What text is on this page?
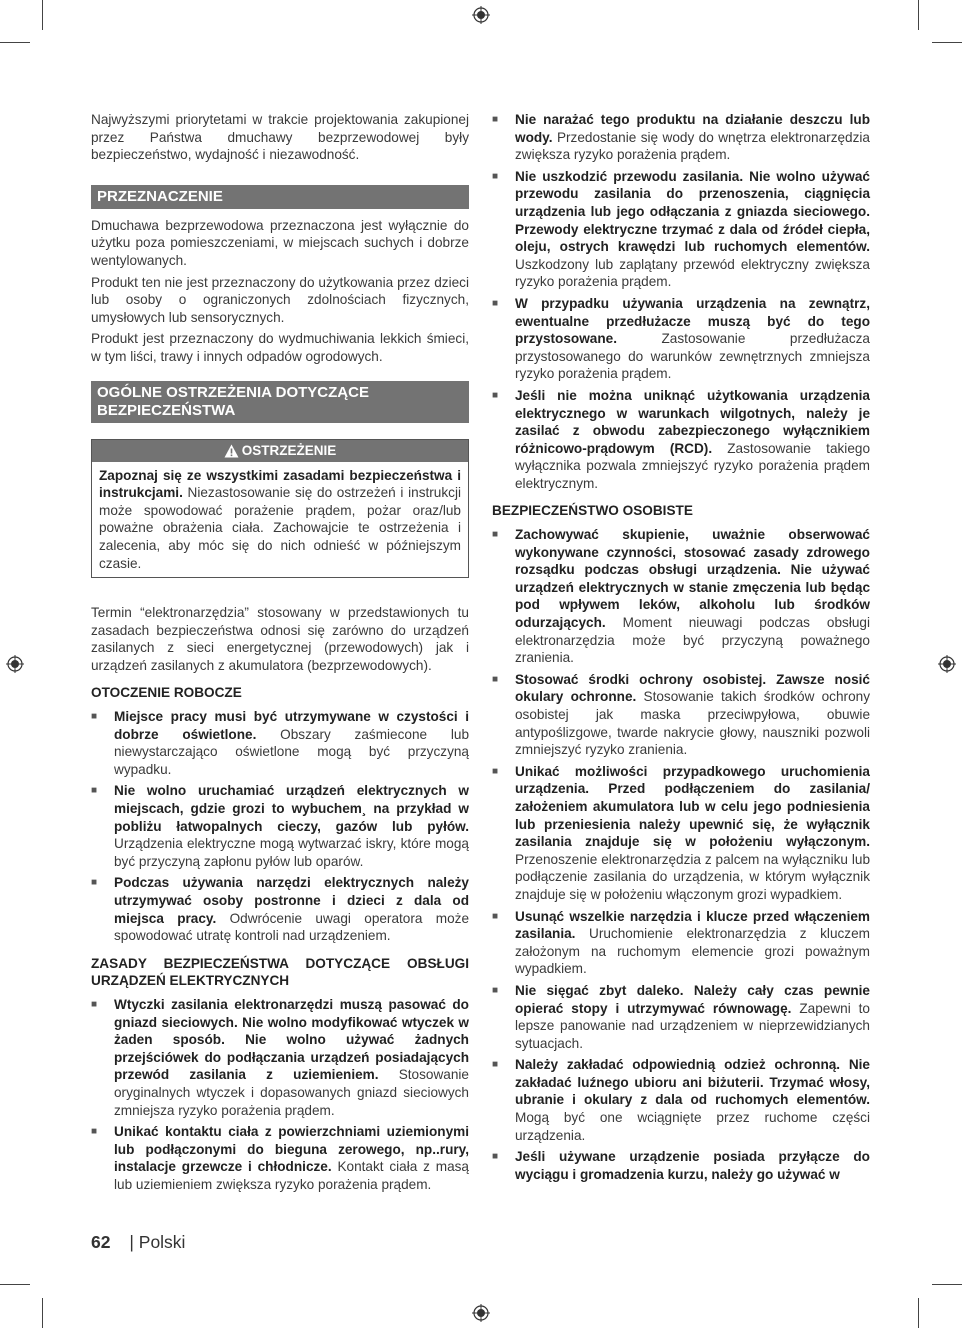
Najwyższymi priorytetami w trakcie projektowania zakupionej przez Państwa dmuchawy bezprzewodowej były bezpieczeństwo, wydajność i niezawodność.

PRZEZNACZENIE

Dmuchawa bezprzewodowa przeznaczona jest wyłącznie do użytku poza pomieszczeniami, w miejscach suchych i dobrze wentylowanych.

Produkt ten nie jest przeznaczony do użytkowania przez dzieci lub osoby o ograniczonych zdolnościach fizycznych, umysłowych lub sensorycznych.

Produkt jest przeznaczony do wydmuchiwania lekkich śmieci, w tym liści, trawy i innych odpadów ogrodowych.

OGÓLNE OSTRZEŻENIA DOTYCZĄCE BEZPIECZEŃSTWA
OSTRZEŻENIE

Zapoznaj się ze wszystkimi zasadami bezpieczeństwa i instrukcjami. Niezastosowanie się do ostrzeżeń i instrukcji może spowodować porażenie prądem, pożar oraz/lub poważne obrażenia ciała. Zachowajcie te ostrzeżenia i zalecenia, aby móc się do nich odnieść w późniejszym czasie.

Termin “elektronarzędzia” stosowany w przedstawionych tu zasadach bezpieczeństwa odnosi się zarówno do urządzeń zasilanych z sieci energetycznej (przewodowych) jak i urządzeń zasilanych z akumulatora (bezprzewodowych).

OTOCZENIE ROBOCZE
■ Miejsce pracy musi być utrzymywane w czystości i dobrze oświetlone. Obszary zaśmiecone lub niewystarczająco oświetlone mogą być przyczyną wypadku.
■ Nie wolno uruchamiać urządzeń elektrycznych w miejscach, gdzie grozi to wybuchem¸ na przykład w pobliżu łatwopalnych cieczy, gazów lub pyłów. Urządzenia elektryczne mogą wytwarzać iskry, które mogą być przyczyną zapłonu pyłów lub oparów.
■ Podczas używania narzędzi elektrycznych należy utrzymywać osoby postronne i dzieci z dala od miejsca pracy. Odwrócenie uwagi operatora może spowodować utratę kontroli nad urządzeniem.
ZASADY BEZPIECZEŃSTWA DOTYCZĄCE OBSŁUGI URZĄDZEŃ ELEKTRYCZNYCH
■ Wtyczki zasilania elektronarzędzi muszą pasować do gniazd sieciowych. Nie wolno modyfikować wtyczek w żaden sposób. Nie wolno używać żadnych przejściówek do podłączania urządzeń posiadających przewód zasilania z uziemieniem. Stosowanie oryginalnych wtyczek i dopasowanych gniazd sieciowych zmniejsza ryzyko porażenia prądem.
■ Unikać kontaktu ciała z powierzchniami uziemionymi lub podłączonymi do bieguna zerowego, np..rury, instalacje grzewcze i chłodnicze. Kontakt ciała z masą lub uziemieniem zwiększa ryzyko porażenia prądem.
■ Nie narażać tego produktu na działanie deszczu lub wody. Przedostanie się wody do wnętrza elektronarzędzia zwiększa ryzyko porażenia prądem.
■ Nie uszkodzić przewodu zasilania. Nie wolno używać przewodu zasilania do przenoszenia, ciągnięcia urządzenia lub jego odłączania z gniazda sieciowego. Przewody elektryczne trzymać z dala od źródeł ciepła, oleju, ostrych krawędzi lub ruchomych elementów. Uszkodzony lub zaplątany przewód elektryczny zwiększa ryzyko porażenia prądem.
■ W przypadku używania urządzenia na zewnątrz, ewentualne przedłużacze muszą być do tego przystosowane. Zastosowanie przedłużacza przystosowanego do warunków zewnętrznych zmniejsza ryzyko porażenia prądem.
■ Jeśli nie można uniknąć użytkowania urządzenia elektrycznego w warunkach wilgotnych, należy je zasilać z obwodu zabezpieczonego wyłącznikiem różnicowo-prądowym (RCD). Zastosowanie takiego wyłącznika pozwala zmniejszyć ryzyko porażenia prądem elektrycznym.
BEZPIECZEŃSTWO OSOBISTE
■ Zachowywać skupienie, uważnie obserwować wykonywane czynności, stosować zasady zdrowego rozsądku podczas obsługi urządzenia. Nie używać urządzeń elektrycznych w stanie zmęczenia lub będąc pod wpływem leków, alkoholu lub środków odurzających. Moment nieuwagi podczas obsługi elektronarzędzia może być przyczyną poważnego zranienia.
■ Stosować środki ochrony osobistej. Zawsze nosić okulary ochronne. Stosowanie takich środków ochrony osobistej jak maska przeciwpyłowa, obuwie antypoślizgowe, twarde nakrycie głowy, nauszniki pozwoli zmniejszyć ryzyko zranienia.
■ Unikać możliwości przypadkowego uruchomienia urządzenia. Przed podłączeniem do zasilania/ założeniem akumulatora lub w celu jego podniesienia lub przeniesienia należy upewnić się, że wyłącznik zasilania znajduje się w położeniu wyłączonym. Przenoszenie elektronarzędzia z palcem na wyłączniku lub podłączenie zasilania do urządzenia, w którym wyłącznik znajduje się w położeniu włączonym grozi wypadkiem.
■ Usunąć wszelkie narzędzia i klucze przed włączeniem zasilania. Uruchomienie elektronarzędzia z kluczem założonym na ruchomym elemencie grozi poważnym wypadkiem.
■ Nie sięgać zbyt daleko. Należy cały czas pewnie opierać stopy i utrzymywać równowagę. Zapewni to lepsze panowanie nad urządzeniem w nieprzewidzianych sytuacjach.
■ Należy zakładać odpowiednią odzież ochronną. Nie zakładać luźnego ubioru ani biżuterii. Trzymać włosy, ubranie i okulary z dala od ruchomych elementów. Mogą być one wciągnięte przez ruchome części urządzenia.
■ Jeśli używane urządzenie posiada przyłącze do wyciągu i gromadzenia kurzu, należy go używać w
62 | Polski
